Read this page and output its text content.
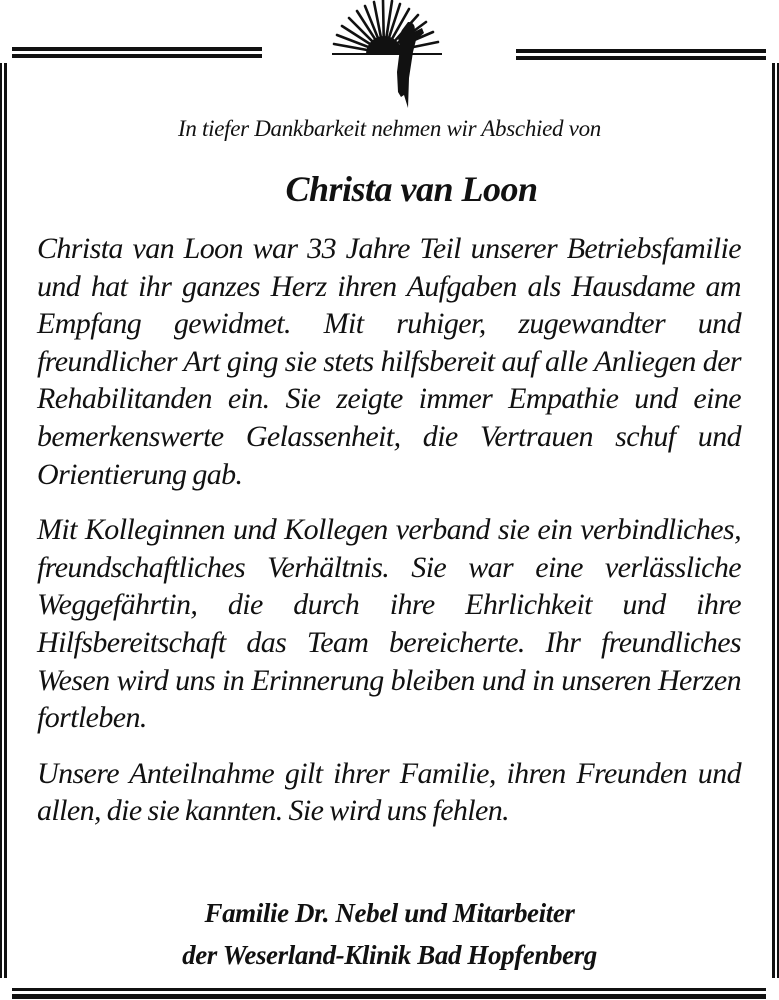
In tiefer Dankbarkeit nehmen wir Abschied von
Christa van Loon

Christa van Loon war 33 Jahre Teil unserer Betriebsfamilie und hat ihr ganzes Herz ihren Aufgaben als Hausdame am Empfang gewidmet. Mit ruhiger, zugewandter und freundlicher Art ging sie stets hilfsbereit auf alle Anliegen der Rehabilitanden ein. Sie zeigte immer Empathie und eine bemerkenswerte Gelassenheit, die Vertrauen schuf und Orientierung gab.

Mit Kolleginnen und Kollegen verband sie ein verbindliches, freundschaftliches Verhältnis. Sie war eine verlässliche Weggefährtin, die durch ihre Ehrlichkeit und ihre Hilfsbereitschaft das Team bereicherte. Ihr freundliches Wesen wird uns in Erinnerung bleiben und in unseren Herzen fortleben.

Unsere Anteilnahme gilt ihrer Familie, ihren Freunden und allen, die sie kannten. Sie wird uns fehlen.

Familie Dr. Nebel und Mitarbeiter
der Weserland-Klinik Bad Hopfenberg
